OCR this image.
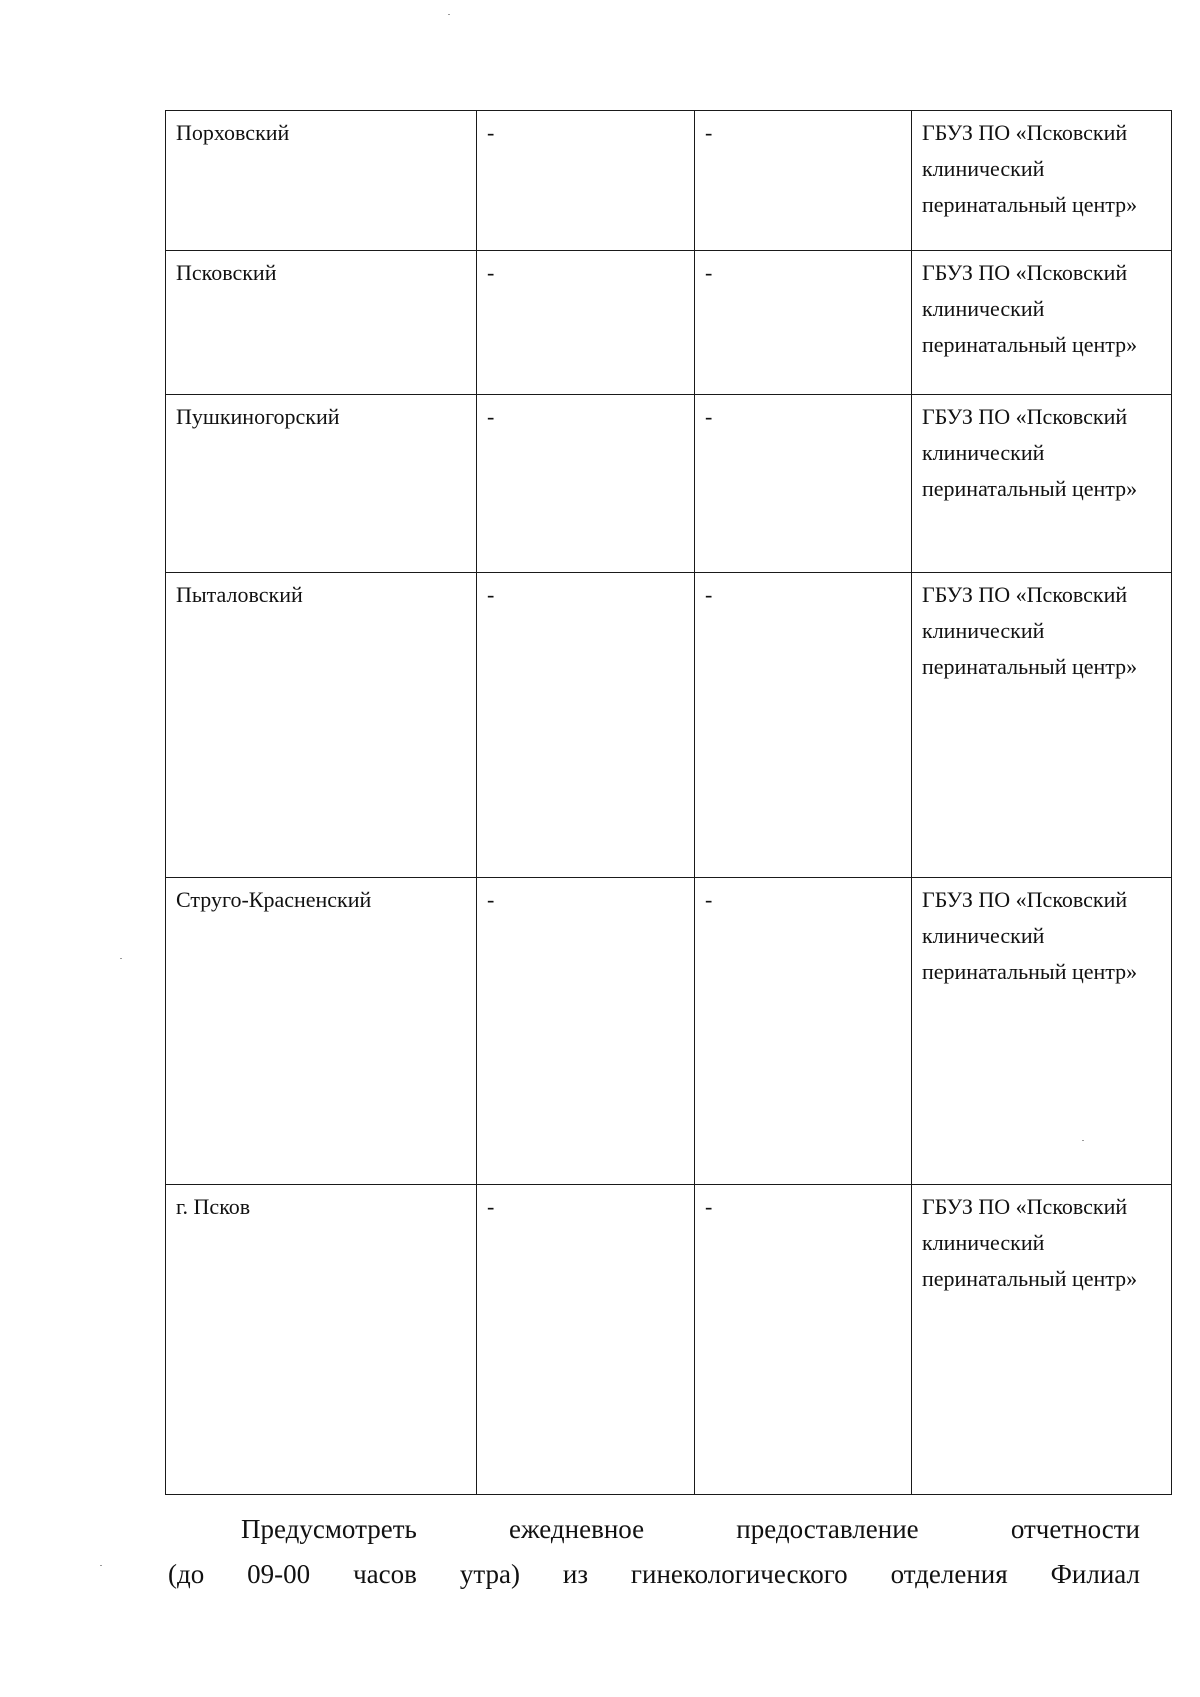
Порховский	-	-	ГБУЗ ПО «Псковский клинический перинатальный центр»
Псковский	-	-	ГБУЗ ПО «Псковский клинический перинатальный центр»
Пушкиногорский	-	-	ГБУЗ ПО «Псковский клинический перинатальный центр»
Пыталовский	-	-	ГБУЗ ПО «Псковский клинический перинатальный центр»
Струго-Красненский	-	-	ГБУЗ ПО «Псковский клинический перинатальный центр»
г. Псков	-	-	ГБУЗ ПО «Псковский клинический перинатальный центр»

Предусмотреть ежедневное предоставление отчетности

(до 09-00 часов утра) из гинекологического отделения Филиал
